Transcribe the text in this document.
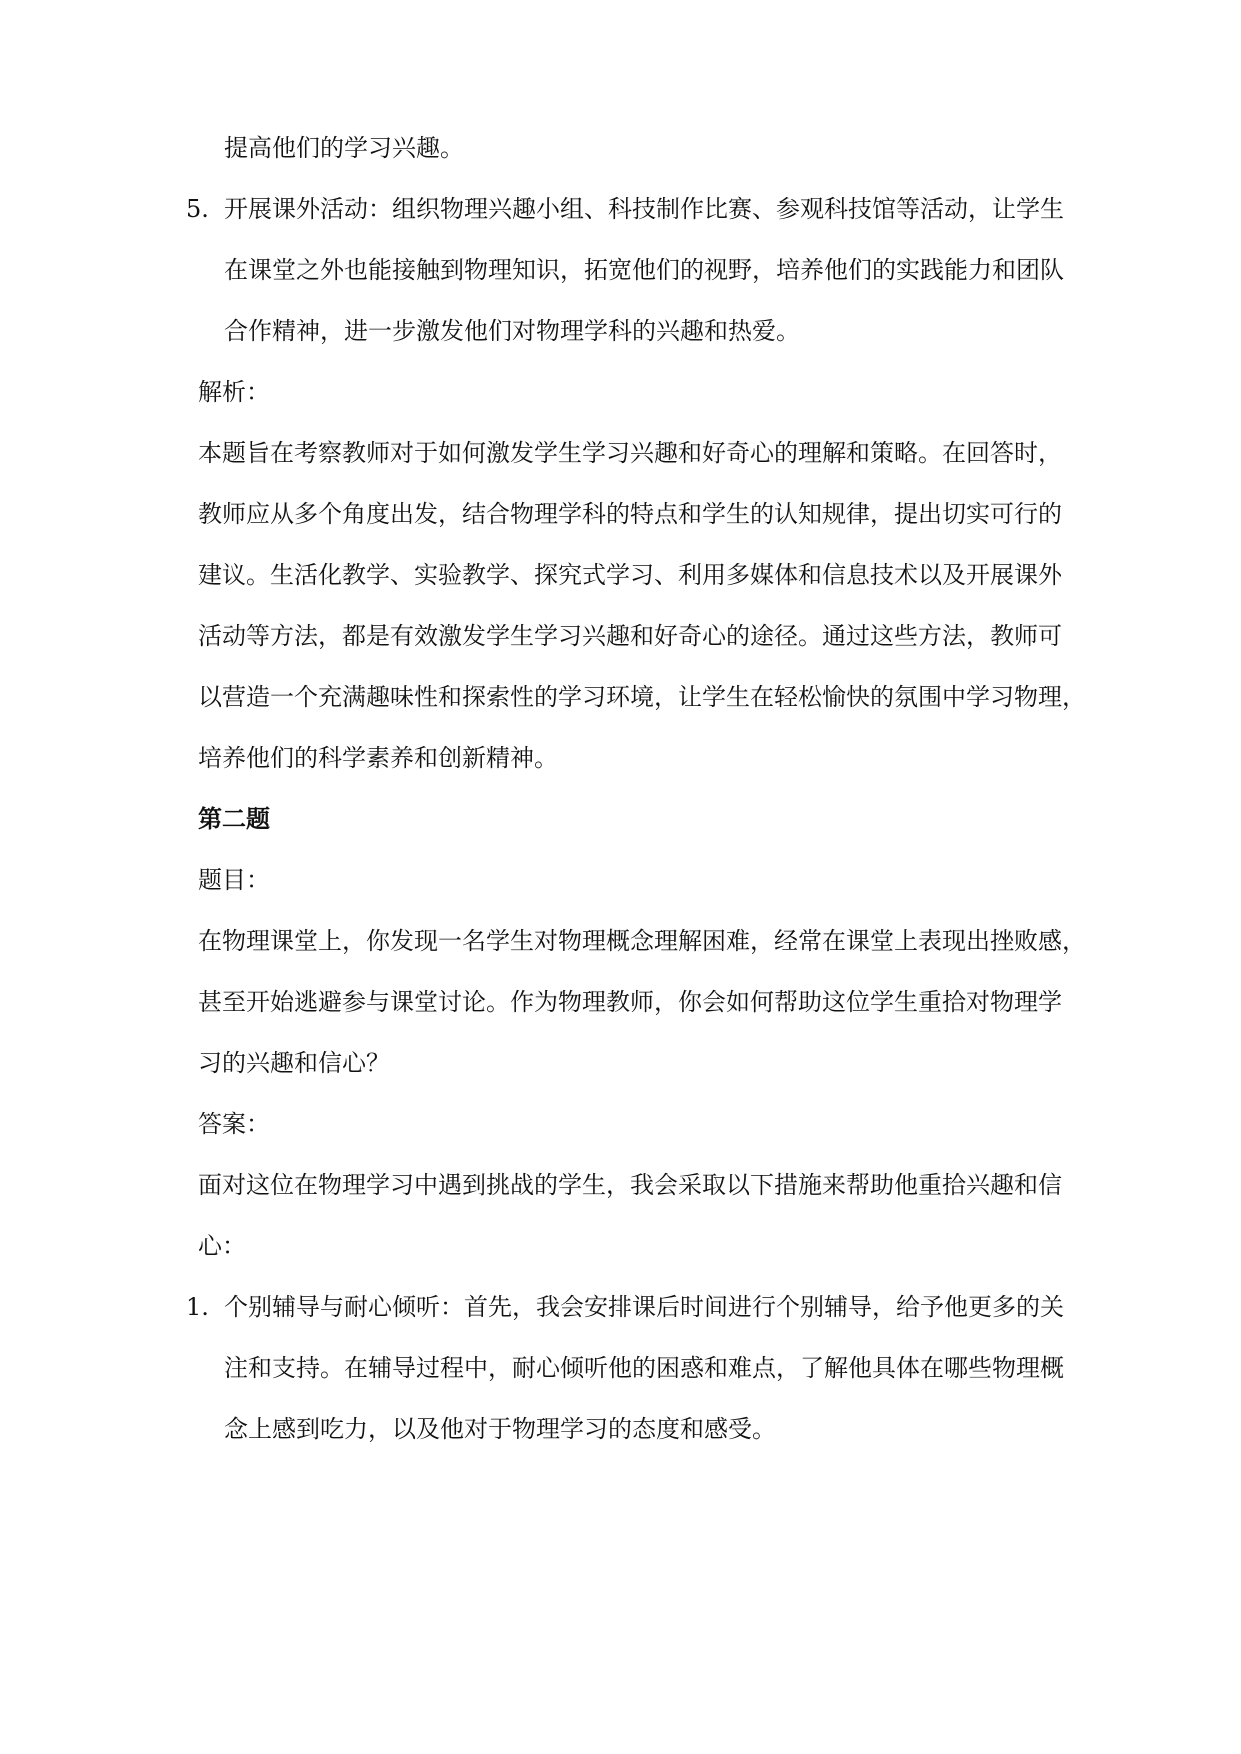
提高他们的学习兴趣。
5. 开展课外活动：组织物理兴趣小组、科技制作比赛、参观科技馆等活动，让学生
在课堂之外也能接触到物理知识，拓宽他们的视野，培养他们的实践能力和团队
合作精神，进一步激发他们对物理学科的兴趣和热爱。
解析：
本题旨在考察教师对于如何激发学生学习兴趣和好奇心的理解和策略。在回答时，
教师应从多个角度出发，结合物理学科的特点和学生的认知规律，提出切实可行的
建议。生活化教学、实验教学、探究式学习、利用多媒体和信息技术以及开展课外
活动等方法，都是有效激发学生学习兴趣和好奇心的途径。通过这些方法，教师可
以营造一个充满趣味性和探索性的学习环境，让学生在轻松愉快的氛围中学习物理，
培养他们的科学素养和创新精神。
第二题
题目：
在物理课堂上，你发现一名学生对物理概念理解困难，经常在课堂上表现出挫败感，
甚至开始逃避参与课堂讨论。作为物理教师，你会如何帮助这位学生重拾对物理学
习的兴趣和信心？
答案：
面对这位在物理学习中遇到挑战的学生，我会采取以下措施来帮助他重拾兴趣和信
心：
1. 个别辅导与耐心倾听：首先，我会安排课后时间进行个别辅导，给予他更多的关
注和支持。在辅导过程中，耐心倾听他的困惑和难点，了解他具体在哪些物理概
念上感到吃力，以及他对于物理学习的态度和感受。
